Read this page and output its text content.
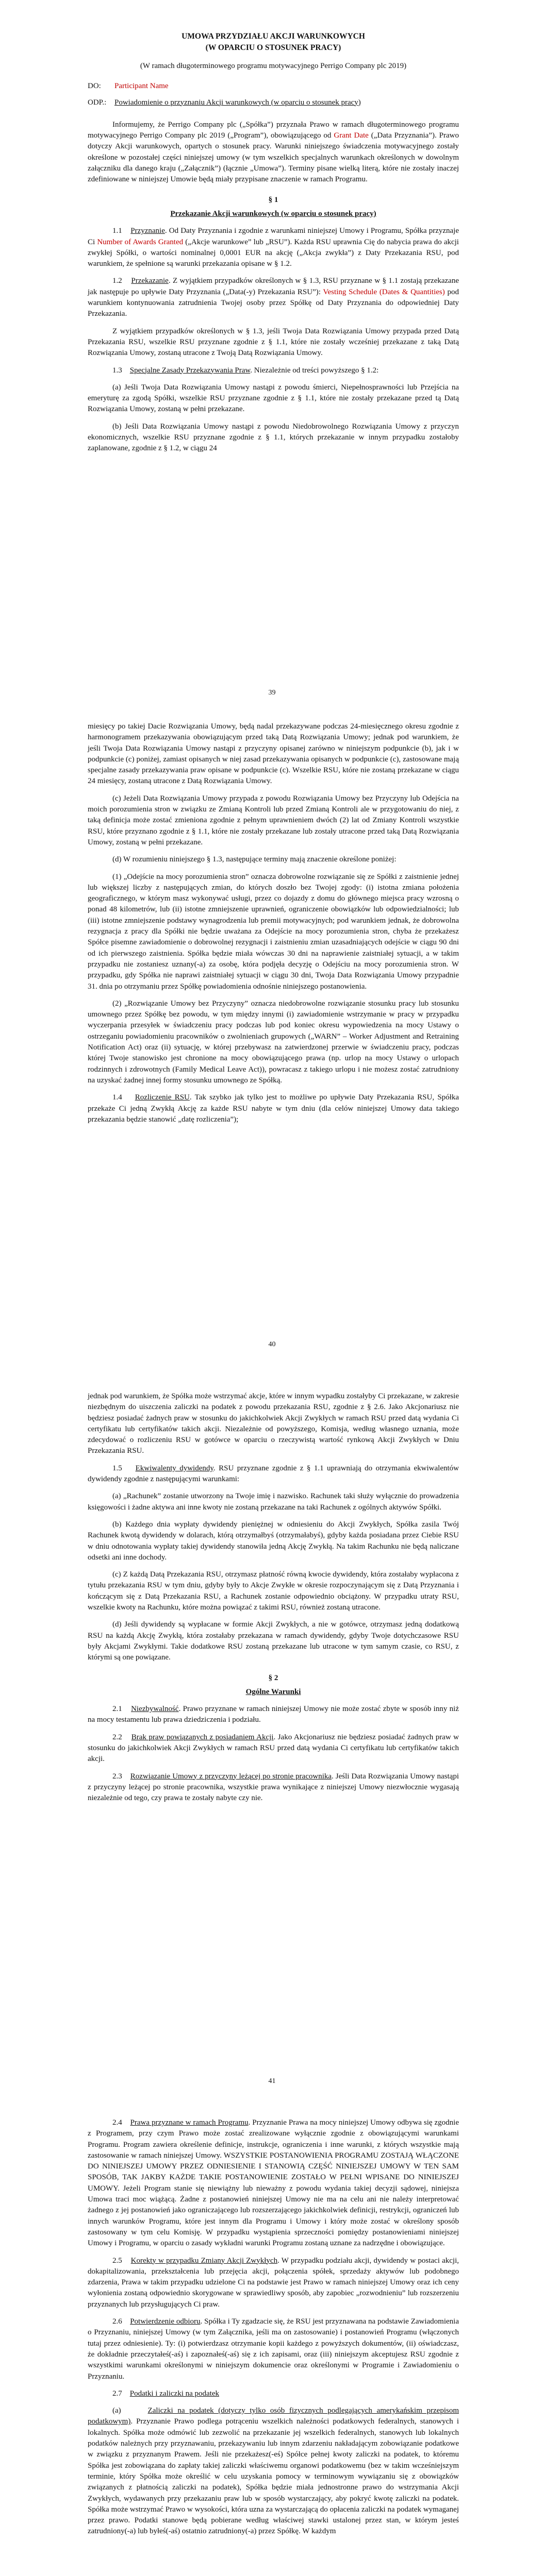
UMOWA PRZYDZIAŁU AKCJI WARUNKOWYCH

(W OPARCIU O STOSUNEK PRACY)

(W ramach długoterminowego programu motywacyjnego Perrigo Company plc 2019)

DO:	Participant Name
ODP.:	Powiadomienie o przyznaniu Akcji warunkowych (w oparciu o stosunek pracy)

Informujemy, że Perrigo Company plc („Spółka”) przyznała Prawo w ramach długoterminowego programu motywacyjnego Perrigo Company plc 2019 („Program”), obowiązującego od Grant Date („Data Przyznania”). Prawo dotyczy Akcji warunkowych, opartych o stosunek pracy. Warunki niniejszego świadczenia motywacyjnego zostały określone w pozostałej części niniejszej umowy (w tym wszelkich specjalnych warunkach określonych w dowolnym załączniku dla danego kraju („Załącznik”) (łącznie „Umowa”). Terminy pisane wielką literą, które nie zostały inaczej zdefiniowane w niniejszej Umowie będą miały przypisane znaczenie w ramach Programu.

§ 1

Przekazanie Akcji warunkowych (w oparciu o stosunek pracy)

1.1 Przyznanie. Od Daty Przyznania i zgodnie z warunkami niniejszej Umowy i Programu, Spółka przyznaje Ci Number of Awards Granted („Akcje warunkowe” lub „RSU”). Każda RSU uprawnia Cię do nabycia prawa do akcji zwykłej Spółki, o wartości nominalnej 0,0001 EUR na akcję („Akcja zwykła”) z Daty Przekazania RSU, pod warunkiem, że spełnione są warunki przekazania opisane w § 1.2.

1.2 Przekazanie. Z wyjątkiem przypadków określonych w § 1.3, RSU przyznane w § 1.1 zostają przekazane jak następuje po upływie Daty Przyznania („Data(-y) Przekazania RSU”): Vesting Schedule (Dates & Quantities) pod warunkiem kontynuowania zatrudnienia Twojej osoby przez Spółkę od Daty Przyznania do odpowiedniej Daty Przekazania.

Z wyjątkiem przypadków określonych w § 1.3, jeśli Twoja Data Rozwiązania Umowy przypada przed Datą Przekazania RSU, wszelkie RSU przyznane zgodnie z § 1.1, które nie zostały wcześniej przekazane z taką Datą Rozwiązania Umowy, zostaną utracone z Twoją Datą Rozwiązania Umowy.

1.3 Specjalne Zasady Przekazywania Praw. Niezależnie od treści powyższego § 1.2:

(a) Jeśli Twoja Data Rozwiązania Umowy nastąpi z powodu śmierci, Niepełnosprawności lub Przejścia na emeryturę za zgodą Spółki, wszelkie RSU przyznane zgodnie z § 1.1, które nie zostały przekazane przed tą Datą Rozwiązania Umowy, zostaną w pełni przekazane.

(b) Jeśli Data Rozwiązania Umowy nastąpi z powodu Niedobrowolnego Rozwiązania Umowy z przyczyn ekonomicznych, wszelkie RSU przyznane zgodnie z § 1.1, których przekazanie w innym przypadku zostałoby zaplanowane, zgodnie z § 1.2, w ciągu 24

39

miesięcy po takiej Dacie Rozwiązania Umowy, będą nadal przekazywane podczas 24-miesięcznego okresu zgodnie z harmonogramem przekazywania obowiązującym przed taką Datą Rozwiązania Umowy; jednak pod warunkiem, że jeśli Twoja Data Rozwiązania Umowy nastąpi z przyczyny opisanej zarówno w niniejszym podpunkcie (b), jak i w podpunkcie (c) poniżej, zamiast opisanych w niej zasad przekazywania opisanych w podpunkcie (c), zastosowane mają specjalne zasady przekazywania praw opisane w podpunkcie (c). Wszelkie RSU, które nie zostaną przekazane w ciągu 24 miesięcy, zostaną utracone z Datą Rozwiązania Umowy.

(c) Jeżeli Data Rozwiązania Umowy przypada z powodu Rozwiązania Umowy bez Przyczyny lub Odejścia na moich porozumienia stron w związku ze Zmianą Kontroli lub przed Zmianą Kontroli ale w przygotowaniu do niej, z taką definicja może zostać zmieniona zgodnie z pełnym uprawnieniem dwóch (2) lat od Zmiany Kontroli wszystkie RSU, które przyznano zgodnie z § 1.1, które nie zostały przekazane lub zostały utracone przed taką Datą Rozwiązania Umowy, zostaną w pełni przekazane.

(d) W rozumieniu niniejszego § 1.3, następujące terminy mają znaczenie określone poniżej:

(1) „Odejście na mocy porozumienia stron” oznacza dobrowolne rozwiązanie się ze Spółki z zaistnienie jednej lub większej liczby z następujących zmian, do których doszło bez Twojej zgody: (i) istotna zmiana położenia geograficznego, w którym masz wykonywać usługi, przez co dojazdy z domu do głównego miejsca pracy wzrosną o ponad 48 kilometrów, lub (ii) istotne zmniejszenie uprawnień, ograniczenie obowiązków lub odpowiedzialności; lub (iii) istotne zmniejszenie podstawy wynagrodzenia lub premii motywacyjnych; pod warunkiem jednak, że dobrowolna rezygnacja z pracy dla Spółki nie będzie uważana za Odejście na mocy porozumienia stron, chyba że przekażesz Spółce pisemne zawiadomienie o dobrowolnej rezygnacji i zaistnieniu zmian uzasadniających odejście w ciągu 90 dni od ich pierwszego zaistnienia. Spółka będzie miała wówczas 30 dni na naprawienie zaistniałej sytuacji, a w takim przypadku nie zostaniesz uznany(-a) za osobę, która podjęła decyzję o Odejściu na mocy porozumienia stron. W przypadku, gdy Spółka nie naprawi zaistniałej sytuacji w ciągu 30 dni, Twoja Data Rozwiązania Umowy przypadnie 31. dnia po otrzymaniu przez Spółkę powiadomienia odnośnie niniejszego postanowienia.

(2) „Rozwiązanie Umowy bez Przyczyny” oznacza niedobrowolne rozwiązanie stosunku pracy lub stosunku umownego przez Spółkę bez powodu, w tym między innymi (i) zawiadomienie wstrzymanie w pracy w przypadku wyczerpania przesyłek w świadczeniu pracy podczas lub pod koniec okresu wypowiedzenia na mocy Ustawy o ostrzeganiu powiadomieniu pracowników o zwolnieniach grupowych („WARN” – Worker Adjustment and Retraining Notification Act) oraz (ii) sytuację, w której przebywasz na zatwierdzonej przerwie w świadczeniu pracy, podczas której Twoje stanowisko jest chronione na mocy obowiązującego prawa (np. urlop na mocy Ustawy o urlopach rodzinnych i zdrowotnych (Family Medical Leave Act)), powracasz z takiego urlopu i nie możesz zostać zatrudniony na uzyskać żadnej innej formy stosunku umownego ze Spółką.

1.4 Rozliczenie RSU. Tak szybko jak tylko jest to możliwe po upływie Daty Przekazania RSU, Spółka przekaże Ci jedną Zwykłą Akcję za każde RSU nabyte w tym dniu (dla celów niniejszej Umowy data takiego przekazania będzie stanowić „datę rozliczenia”);

40

jednak pod warunkiem, że Spółka może wstrzymać akcje, które w innym wypadku zostałyby Ci przekazane, w zakresie niezbędnym do uiszczenia zaliczki na podatek z powodu przekazania RSU, zgodnie z § 2.6. Jako Akcjonariusz nie będziesz posiadać żadnych praw w stosunku do jakichkolwiek Akcji Zwykłych w ramach RSU przed datą wydania Ci certyfikatu lub certyfikatów takich akcji. Niezależnie od powyższego, Komisja, według własnego uznania, może zdecydować o rozliczeniu RSU w gotówce w oparciu o rzeczywistą wartość rynkową Akcji Zwykłych w Dniu Przekazania RSU.

1.5 Ekwiwalenty dywidendy. RSU przyznane zgodnie z § 1.1 uprawniają do otrzymania ekwiwalentów dywidendy zgodnie z następującymi warunkami:

(a) „Rachunek” zostanie utworzony na Twoje imię i nazwisko. Rachunek taki służy wyłącznie do prowadzenia księgowości i żadne aktywa ani inne kwoty nie zostaną przekazane na taki Rachunek z ogólnych aktywów Spółki.

(b) Każdego dnia wypłaty dywidendy pieniężnej w odniesieniu do Akcji Zwykłych, Spółka zasila Twój Rachunek kwotą dywidendy w dolarach, którą otrzymałbyś (otrzymałabyś), gdyby każda posiadana przez Ciebie RSU w dniu odnotowania wypłaty takiej dywidendy stanowiła jedną Akcję Zwykłą. Na takim Rachunku nie będą naliczane odsetki ani inne dochody.

(c) Z każdą Datą Przekazania RSU, otrzymasz płatność równą kwocie dywidendy, która zostałaby wypłacona z tytułu przekazania RSU w tym dniu, gdyby były to Akcje Zwykłe w okresie rozpoczynającym się z Datą Przyznania i kończącym się z Datą Przekazania RSU, a Rachunek zostanie odpowiednio obciążony. W przypadku utraty RSU, wszelkie kwoty na Rachunku, które można powiązać z takimi RSU, również zostaną utracone.

(d) Jeśli dywidendy są wypłacane w formie Akcji Zwykłych, a nie w gotówce, otrzymasz jedną dodatkową RSU na każdą Akcję Zwykłą, która zostałaby przekazana w ramach dywidendy, gdyby Twoje dotychczasowe RSU były Akcjami Zwykłymi. Takie dodatkowe RSU zostaną przekazane lub utracone w tym samym czasie, co RSU, z którymi są one powiązane.

§ 2

Ogólne Warunki

2.1 Niezbywalność. Prawo przyznane w ramach niniejszej Umowy nie może zostać zbyte w sposób inny niż na mocy testamentu lub prawa dziedziczenia i podziału.

2.2 Brak praw powiązanych z posiadaniem Akcji. Jako Akcjonariusz nie będziesz posiadać żadnych praw w stosunku do jakichkolwiek Akcji Zwykłych w ramach RSU przed datą wydania Ci certyfikatu lub certyfikatów takich akcji.

2.3 Rozwiązanie Umowy z przyczyny leżącej po stronie pracownika. Jeśli Data Rozwiązania Umowy nastąpi z przyczyny leżącej po stronie pracownika, wszystkie prawa wynikające z niniejszej Umowy niezwłocznie wygasają niezależnie od tego, czy prawa te zostały nabyte czy nie.

41

2.4 Prawa przyznane w ramach Programu. Przyznanie Prawa na mocy niniejszej Umowy odbywa się zgodnie z Programem, przy czym Prawo może zostać zrealizowane wyłącznie zgodnie z obowiązującymi warunkami Programu. Program zawiera określenie definicje, instrukcje, ograniczenia i inne warunki, z których wszystkie mają zastosowanie w ramach niniejszej Umowy. WSZYSTKIE POSTANOWIENIA PROGRAMU ZOSTAJĄ WŁĄCZONE DO NINIEJSZEJ UMOWY PRZEZ ODNIESIENIE I STANOWIĄ CZĘŚĆ NINIEJSZEJ UMOWY W TEN SAM SPOSÓB, TAK JAKBY KAŻDE TAKIE POSTANOWIENIE ZOSTAŁO W PEŁNI WPISANE DO NINIEJSZEJ UMOWY. Jeżeli Program stanie się niewiążny lub nieważny z powodu wydania takiej decyzji sądowej, niniejsza Umowa traci moc wiążącą. Żadne z postanowień niniejszej Umowy nie ma na celu ani nie należy interpretować żadnego z jej postanowień jako ograniczającego lub rozszerzającego jakichkolwiek definicji, restrykcji, ograniczeń lub innych warunków Programu, które jest innym dla Programu i Umowy i który może zostać w określony sposób zastosowany w tym celu Komisję. W przypadku wystąpienia sprzeczności pomiędzy postanowieniami niniejszej Umowy i Programu, w oparciu o zasady wykładni warunki Programu zostaną uznane za nadrzędne i obowiązujące.

2.5 Korekty w przypadku Zmiany Akcji Zwykłych. W przypadku podziału akcji, dywidendy w postaci akcji, dokapitalizowania, przekształcenia lub przejęcia akcji, połączenia spółek, sprzedaży aktywów lub podobnego zdarzenia, Prawa w takim przypadku udzielone Ci na podstawie jest Prawo w ramach niniejszej Umowy oraz ich ceny wyłonienia zostaną odpowiednio skorygowane w sprawiedliwy sposób, aby zapobiec „rozwodnieniu” lub rozszerzeniu przyznanych lub przysługujących Ci praw.

2.6 Potwierdzenie odbioru. Spółka i Ty zgadzacie się, że RSU jest przyznawana na podstawie Zawiadomienia o Przyznaniu, niniejszej Umowy (w tym Załącznika, jeśli ma on zastosowanie) i postanowień Programu (włączonych tutaj przez odniesienie). Ty: (i) potwierdzasz otrzymanie kopii każdego z powyższych dokumentów, (ii) oświadczasz, że dokładnie przeczytałeś(-aś) i zapoznałeś(-aś) się z ich zapisami, oraz (iii) niniejszym akceptujesz RSU zgodnie z wszystkimi warunkami określonymi w niniejszym dokumencie oraz określonymi w Programie i Zawiadomieniu o Przyznaniu.

2.7 Podatki i zaliczki na podatek

(a)      Zaliczki na podatek (dotyczy tylko osób fizycznych podlegających amerykańskim przepisom podatkowym). Przyznanie Prawo podlega potrąceniu wszelkich należności podatkowych federalnych, stanowych i lokalnych. Spółka może odmówić lub zezwolić na przekazanie jej wszelkich federalnych, stanowych lub lokalnych podatków należnych przy przyznawaniu, przekazywaniu lub innym zdarzeniu nakładającym zobowiązanie podatkowe w związku z przyznanym Prawem. Jeśli nie przekażesz(-eś) Spółce pełnej kwoty zaliczki na podatek, to któremu Spółka jest zobowiązana do zapłaty takiej zaliczki właściwemu organowi podatkowemu (bez w takim wcześniejszym terminie, który Spółka może określić w celu uzyskania pomocy w terminowym wywiązaniu się z obowiązków związanych z płatnością zaliczki na podatek), Spółka będzie miała jednostronne prawo do wstrzymania Akcji Zwykłych, wydawanych przy przekazaniu praw lub w sposób wystarczający, aby pokryć kwotę zaliczki na podatek. Spółka może wstrzymać Prawo w wysokości, która uzna za wystarczającą do opłacenia zaliczki na podatek wymaganej przez prawo. Podatki stanowe będą pobierane według właściwej stawki ustalonej przez stan, w którym jesteś zatrudniony(-a) lub byłeś(-aś) ostatnio zatrudniony(-a) przez Spółkę. W każdym
